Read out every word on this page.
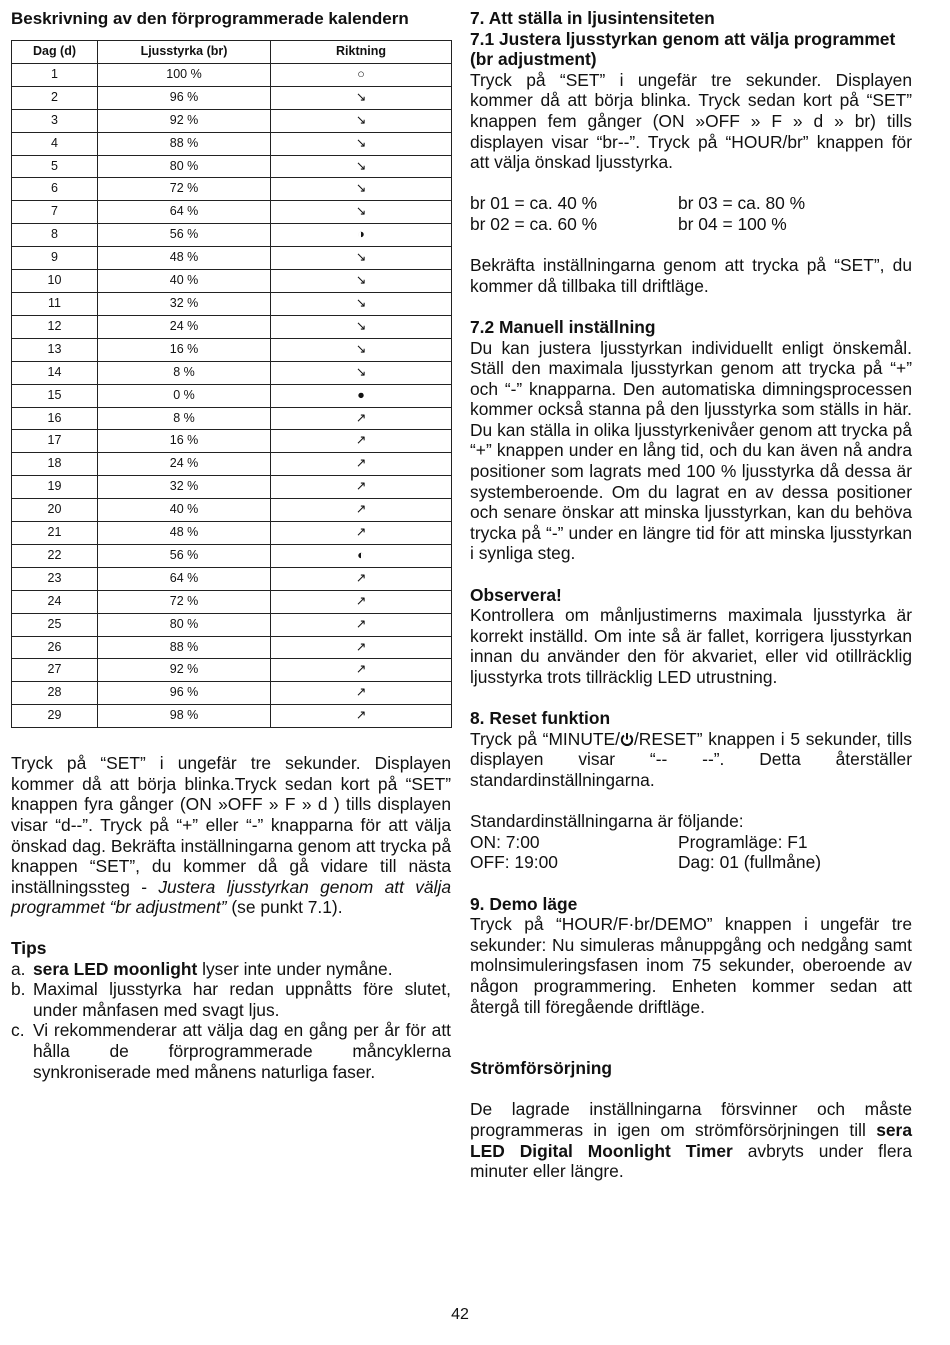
Beskrivning av den förprogrammerade kalendern
Dag (d)	Ljusstyrka (br)	Riktning
1	100 %	○
2	96 %	↘
3	92 %	↘
4	88 %	↘
5	80 %	↘
6	72 %	↘
7	64 %	↘
8	56 %	◑
9	48 %	↘
10	40 %	↘
11	32 %	↘
12	24 %	↘
13	16 %	↘
14	8 %	↘
15	0 %	●
16	8 %	↗
17	16 %	↗
18	24 %	↗
19	32 %	↗
20	40 %	↗
21	48 %	↗
22	56 %	◐
23	64 %	↗
24	72 %	↗
25	80 %	↗
26	88 %	↗
27	92 %	↗
28	96 %	↗
29	98 %	↗

Tryck på “SET” i ungefär tre sekunder. Displayen kommer då att börja blinka.Tryck sedan kort på “SET” knappen fyra gånger (ON »OFF » F » d ) tills displayen visar “d--”. Tryck på “+” eller “-” knapparna för att välja önskad dag. Bekräfta inställningarna genom att trycka på knappen “SET”, du kommer då gå vidare till nästa inställningssteg - Justera ljusstyrkan genom att välja programmet “br adjustment” (se punkt 7.1).

Tips
a. sera LED moonlight lyser inte under nymåne.
b. Maximal ljusstyrka har redan uppnåtts före slutet, under månfasen med svagt ljus.
c. Vi rekommenderar att välja dag en gång per år för att hålla de förprogrammerade måncyklerna synkroniserade med månens naturliga faser.
7. Att ställa in ljusintensiteten
7.1 Justera ljusstyrkan genom att välja programmet (br adjustment)

Tryck på “SET” i ungefär tre sekunder. Displayen kommer då att börja blinka. Tryck sedan kort på “SET” knappen fem gånger (ON »OFF » F » d » br) tills displayen visar “br--”. Tryck på “HOUR/br” knappen för att välja önskad ljusstyrka.

br 01 = ca. 40 %	br 03 = ca. 80 %
br 02 = ca. 60 %	br 04 = 100 %

Bekräfta inställningarna genom att trycka på “SET”, du kommer då tillbaka till driftläge.

7.2 Manuell inställning

Du kan justera ljusstyrkan individuellt enligt önskemål. Ställ den maximala ljusstyrkan genom att trycka på “+” och “-” knapparna. Den automatiska dimningsprocessen kommer också stanna på den ljusstyrka som ställs in här. Du kan ställa in olika ljusstyrkenivåer genom att trycka på “+” knappen under en lång tid, och du kan även nå andra positioner som lagrats med 100 % ljusstyrka då dessa är systemberoende. Om du lagrat en av dessa positioner och senare önskar att minska ljusstyrkan, kan du behöva trycka på “-” under en längre tid för att minska ljusstyrkan i synliga steg.

Observera!

Kontrollera om månljustimerns maximala ljusstyrka är korrekt inställd. Om inte så är fallet, korrigera ljusstyrkan innan du använder den för akvariet, eller vid otillräcklig ljusstyrka trots tillräcklig LED utrustning.

8. Reset funktion

Tryck på “MINUTE/ /RESET” knappen i 5 sekunder, tills displayen visar “-- --”. Detta återställer standardinställningarna.

Standardinställningarna är följande:

ON: 7:00	Programläge: F1
OFF: 19:00	Dag: 01 (fullmåne)
9. Demo läge

Tryck på “HOUR/F·br/DEMO” knappen i ungefär tre sekunder: Nu simuleras månuppgång och nedgång samt molnsimuleringsfasen inom 75 sekunder, oberoende av någon programmering. Enheten kommer sedan att återgå till föregående driftläge.

Strömförsörjning

De lagrade inställningarna försvinner och måste programmeras in igen om strömförsörjningen till sera LED Digital Moonlight Timer avbryts under flera minuter eller längre.

42
